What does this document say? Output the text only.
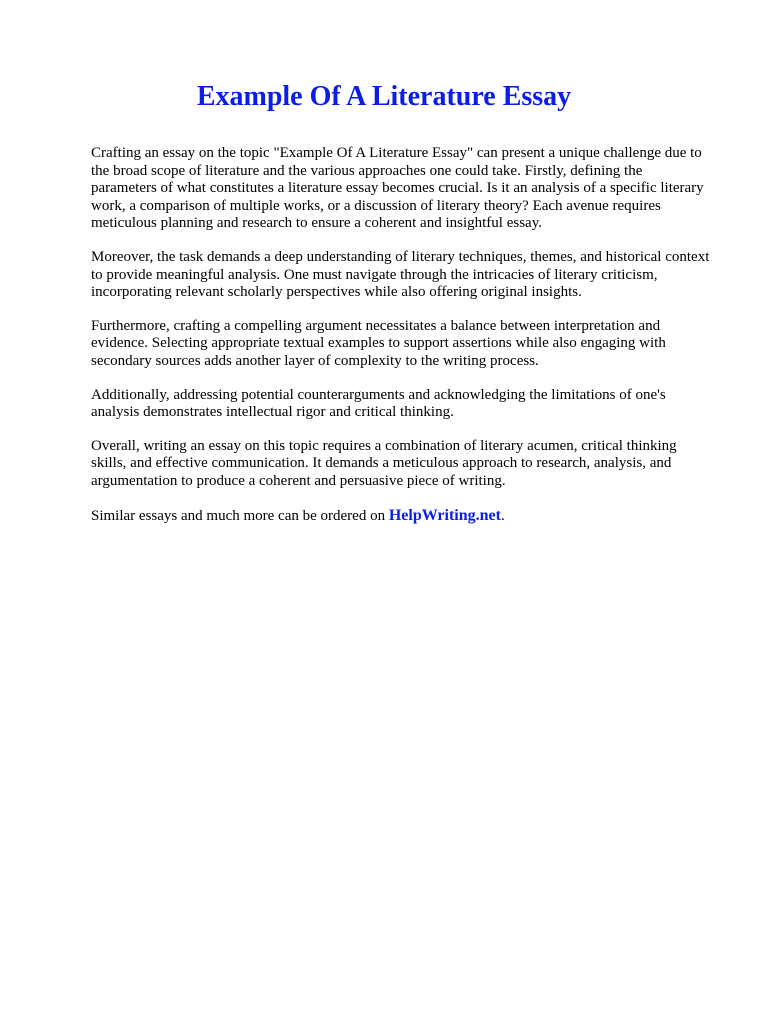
Example Of A Literature Essay

Crafting an essay on the topic "Example Of A Literature Essay" can present a unique challenge due to the broad scope of literature and the various approaches one could take. Firstly, defining the parameters of what constitutes a literature essay becomes crucial. Is it an analysis of a specific literary work, a comparison of multiple works, or a discussion of literary theory? Each avenue requires meticulous planning and research to ensure a coherent and insightful essay.

Moreover, the task demands a deep understanding of literary techniques, themes, and historical context to provide meaningful analysis. One must navigate through the intricacies of literary criticism, incorporating relevant scholarly perspectives while also offering original insights.

Furthermore, crafting a compelling argument necessitates a balance between interpretation and evidence. Selecting appropriate textual examples to support assertions while also engaging with secondary sources adds another layer of complexity to the writing process.

Additionally, addressing potential counterarguments and acknowledging the limitations of one's analysis demonstrates intellectual rigor and critical thinking.

Overall, writing an essay on this topic requires a combination of literary acumen, critical thinking skills, and effective communication. It demands a meticulous approach to research, analysis, and argumentation to produce a coherent and persuasive piece of writing.

Similar essays and much more can be ordered on HelpWriting.net.
